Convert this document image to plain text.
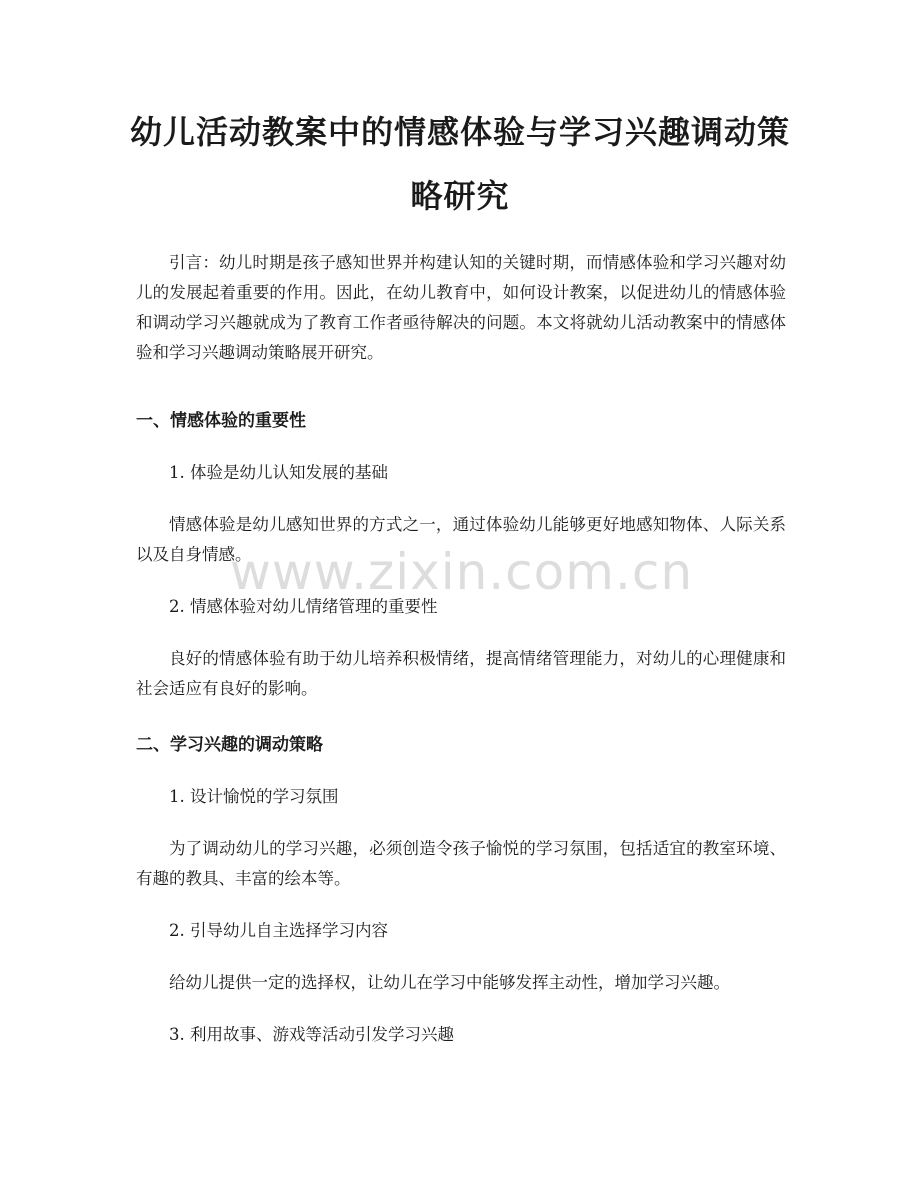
幼儿活动教案中的情感体验与学习兴趣调动策略研究

引言：幼儿时期是孩子感知世界并构建认知的关键时期，而情感体验和学习兴趣对幼儿的发展起着重要的作用。因此，在幼儿教育中，如何设计教案，以促进幼儿的情感体验和调动学习兴趣就成为了教育工作者亟待解决的问题。本文将就幼儿活动教案中的情感体验和学习兴趣调动策略展开研究。

一、情感体验的重要性

1. 体验是幼儿认知发展的基础

情感体验是幼儿感知世界的方式之一，通过体验幼儿能够更好地感知物体、人际关系以及自身情感。

2. 情感体验对幼儿情绪管理的重要性

良好的情感体验有助于幼儿培养积极情绪，提高情绪管理能力，对幼儿的心理健康和社会适应有良好的影响。

二、学习兴趣的调动策略

1. 设计愉悦的学习氛围

为了调动幼儿的学习兴趣，必须创造令孩子愉悦的学习氛围，包括适宜的教室环境、有趣的教具、丰富的绘本等。

2. 引导幼儿自主选择学习内容

给幼儿提供一定的选择权，让幼儿在学习中能够发挥主动性，增加学习兴趣。

3. 利用故事、游戏等活动引发学习兴趣

www.zixin.com.cn
